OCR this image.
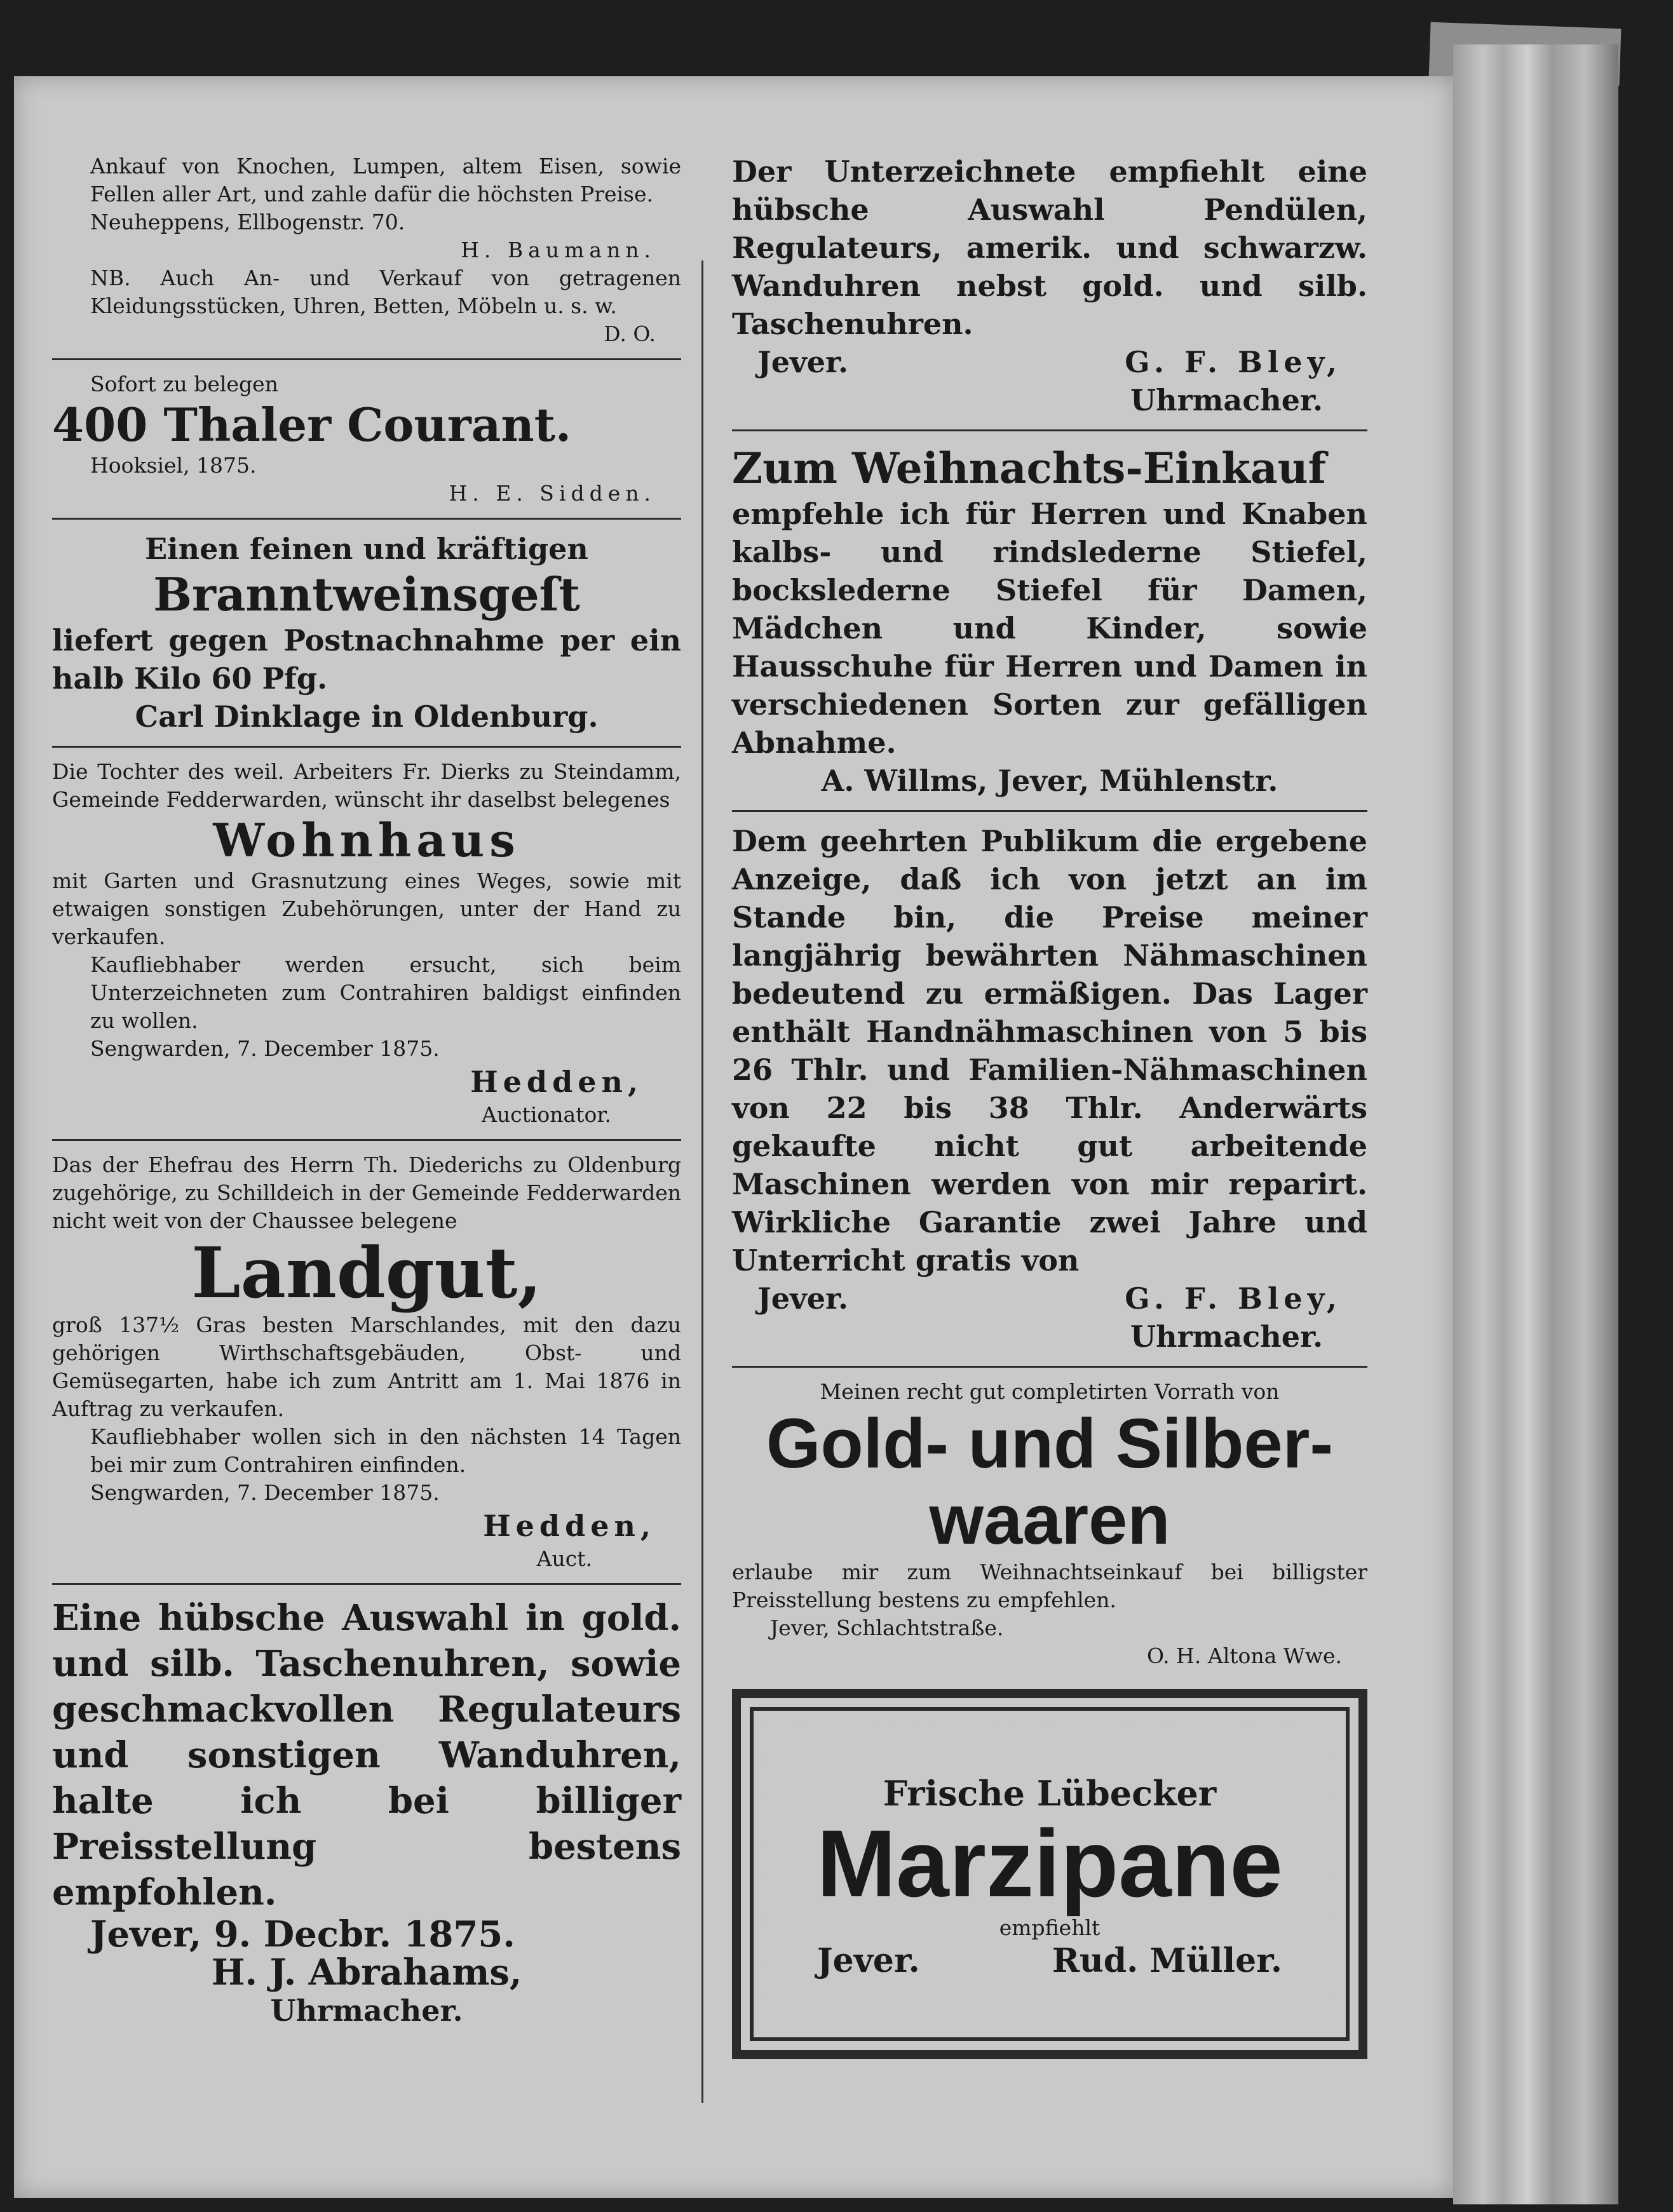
Ankauf von Knochen, Lumpen, altem Eisen, sowie Fellen aller Art, und zahle dafür die höchsten Preise.
Neuheppens, Ellbogenstr. 70.
H. Baumann.
NB. Auch An- und Verkauf von getragenen Kleidungsstücken, Uhren, Betten, Möbeln u. s. w.
D. O.
Sofort zu belegen
400 Thaler Courant.
Hooksiel, 1875.
H. E. Sidden.
Einen feinen und kräftigen
Branntweinsgeſt
liefert gegen Postnachnahme per ein halb Kilo 60 Pfg.
Carl Dinklage in Oldenburg.
Die Tochter des weil. Arbeiters Fr. Dierks zu Steindamm, Gemeinde Fedderwarden, wünscht ihr daselbst belegenes
Wohnhaus
mit Garten und Grasnutzung eines Weges, sowie mit etwaigen sonstigen Zubehörungen, unter der Hand zu verkaufen.
Kaufliebhaber werden ersucht, sich beim Unterzeichneten zum Contrahiren baldigst einfinden zu wollen.
Sengwarden, 7. December 1875.
Hedden,
Auctionator.
Das der Ehefrau des Herrn Th. Diederichs zu Oldenburg zugehörige, zu Schilldeich in der Gemeinde Fedderwarden nicht weit von der Chaussee belegene
Landgut,
groß 137½ Gras besten Marschlandes, mit den dazu gehörigen Wirthschaftsgebäuden, Obst- und Gemüsegarten, habe ich zum Antritt am 1. Mai 1876 in Auftrag zu verkaufen.
Kaufliebhaber wollen sich in den nächsten 14 Tagen bei mir zum Contrahiren einfinden.
Sengwarden, 7. December 1875.
Hedden,
Auct.
Eine hübsche Auswahl in gold. und silb. Taschenuhren, sowie geschmackvollen Regulateurs und sonstigen Wanduhren, halte ich bei billiger Preisstellung bestens empfohlen.
Jever, 9. Decbr. 1875.
H. J. Abrahams,
Uhrmacher.
Der Unterzeichnete empfiehlt eine hübsche Auswahl Pendülen, Regulateurs, amerik. und schwarzw. Wanduhren nebst gold. und silb. Taschenuhren.
Jever.	G. F. Bley,
Uhrmacher.
Zum Weihnachts-Einkauf
empfehle ich für Herren und Knaben kalbs- und rindslederne Stiefel, bockslederne Stiefel für Damen, Mädchen und Kinder, sowie Hausschuhe für Herren und Damen in verschiedenen Sorten zur gefälligen Abnahme.
A. Willms, Jever, Mühlenstr.
Dem geehrten Publikum die ergebene Anzeige, daß ich von jetzt an im Stande bin, die Preise meiner langjährig bewährten Nähmaschinen bedeutend zu ermäßigen. Das Lager enthält Handnähmaschinen von 5 bis 26 Thlr. und Familien-Nähmaschinen von 22 bis 38 Thlr. Anderwärts gekaufte nicht gut arbeitende Maschinen werden von mir reparirt. Wirkliche Garantie zwei Jahre und Unterricht gratis von
Jever.	G. F. Bley,
Uhrmacher.
Meinen recht gut completirten Vorrath von
Gold- und Silber-
waaren
erlaube mir zum Weihnachtseinkauf bei billigster Preisstellung bestens zu empfehlen.
Jever, Schlachtstraße.
O. H. Altona Wwe.
Frische Lübecker
Marzipane
empfiehlt
Jever.	Rud. Müller.
